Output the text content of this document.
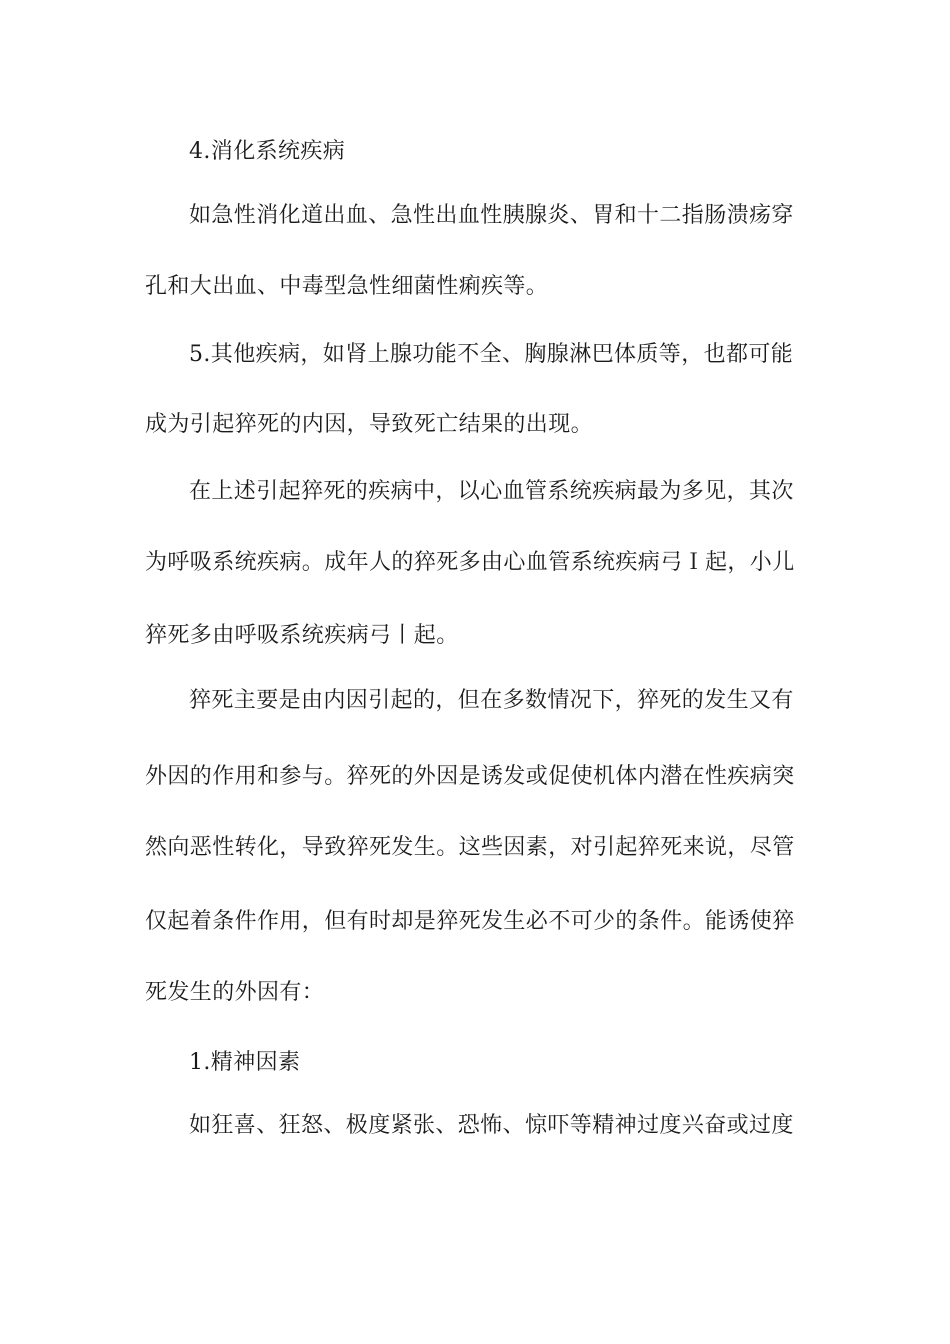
4.消化系统疾病
如急性消化道出血、急性出血性胰腺炎、胃和十二指肠溃疡穿
孔和大出血、中毒型急性细菌性痢疾等。
5.其他疾病，如肾上腺功能不全、胸腺淋巴体质等，也都可能
成为引起猝死的内因，导致死亡结果的出现。
在上述引起猝死的疾病中，以心血管系统疾病最为多见，其次
为呼吸系统疾病。成年人的猝死多由心血管系统疾病弓Ｉ起，小儿
猝死多由呼吸系统疾病弓丨起。
猝死主要是由内因引起的，但在多数情况下，猝死的发生又有
外因的作用和参与。猝死的外因是诱发或促使机体内潜在性疾病突
然向恶性转化，导致猝死发生。这些因素，对引起猝死来说，尽管
仅起着条件作用，但有时却是猝死发生必不可少的条件。能诱使猝
死发生的外因有：
1.精神因素
如狂喜、狂怒、极度紧张、恐怖、惊吓等精神过度兴奋或过度
